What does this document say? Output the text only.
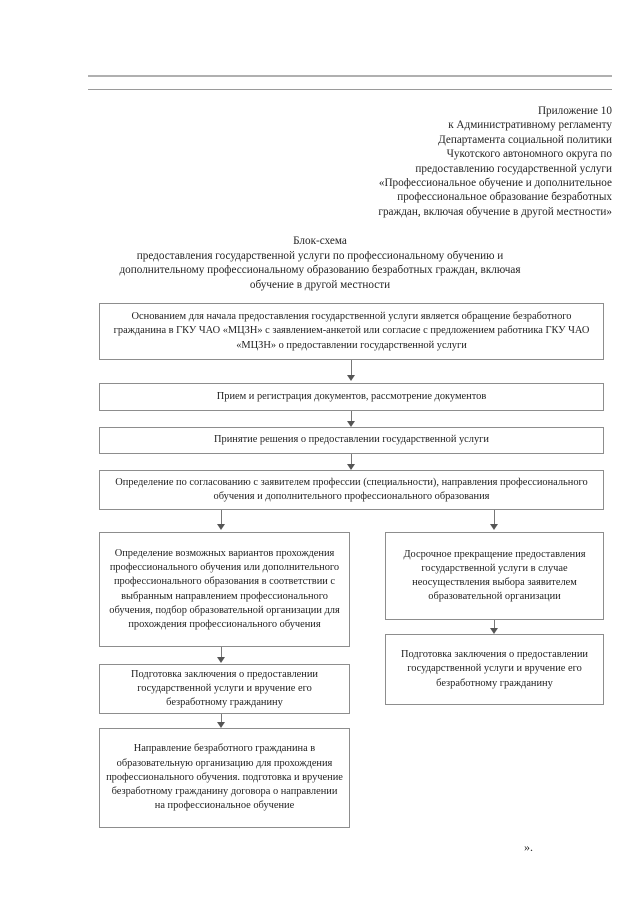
Приложение 10
к Административному регламенту
Департамента социальной политики
Чукотского автономного округа по
предоставлению государственной услуги
«Профессиональное обучение и дополнительное
профессиональное образование безработных
граждан, включая обучение в другой местности»
Блок-схема
предоставления государственной услуги по профессиональному обучению и
дополнительному профессиональному образованию безработных граждан, включая
обучение в другой местности
Основанием для начала предоставления государственной услуги является обращение безработного гражданина в ГКУ ЧАО «МЦЗН» с заявлением-анкетой или согласие с предложением работника ГКУ ЧАО «МЦЗН» о предоставлении государственной услуги
Прием и регистрация документов, рассмотрение документов
Принятие решения о предоставлении государственной услуги
Определение по согласованию с заявителем профессии (специальности), направления профессионального обучения и дополнительного профессионального образования
Определение возможных вариантов прохождения профессионального обучения или дополнительного профессионального образования в соответствии с выбранным направлением профессионального обучения, подбор образовательной организации для прохождения профессионального обучения
Подготовка заключения о предоставлении государственной услуги и вручение его безработному гражданину
Направление безработного гражданина в образовательную организацию для прохождения профессионального обучения. подготовка и вручение безработному гражданину договора о направлении на профессиональное обучение
Досрочное прекращение предоставления государственной услуги в случае неосуществления выбора заявителем образовательной организации
Подготовка заключения о предоставлении государственной услуги и вручение его безработному гражданину
».
